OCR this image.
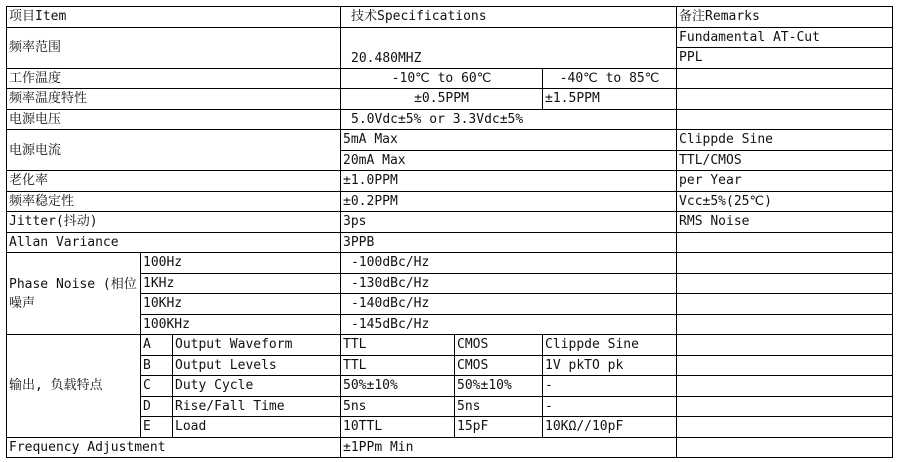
项目Item			技术Specifications			备注Remarks
频率范围			20.480MHZ			Fundamental AT-Cut
						PPL
工作温度			-10℃ to 60℃		-40℃ to 85℃	
频率温度特性			±0.5PPM		±1.5PPM	
电源电压			5.0Vdc±5% or 3.3Vdc±5%			
电源电流			5mA Max			Clippde Sine
			20mA Max			TTL/CMOS
老化率			±1.0PPM			per Year
频率稳定性			±0.2PPM			Vcc±5%(25℃)
Jitter(抖动)			3ps			RMS Noise
Allan Variance			3PPB			
Phase Noise (相位噪声	100Hz		-100dBc/Hz			
	1KHz		-130dBc/Hz			
	10KHz		-140dBc/Hz			
	100KHz		-145dBc/Hz			
输出, 负载特点	A	Output Waveform	TTL	CMOS	Clippde Sine	
	B	Output Levels	TTL	CMOS	1V pkTO pk	
	C	Duty Cycle	50%±10%	50%±10%	-	
	D	Rise/Fall Time	5ns	5ns	-	
	E	Load	10TTL	15pF	10KΩ//10pF	
Frequency Adjustment			±1PPm Min			
